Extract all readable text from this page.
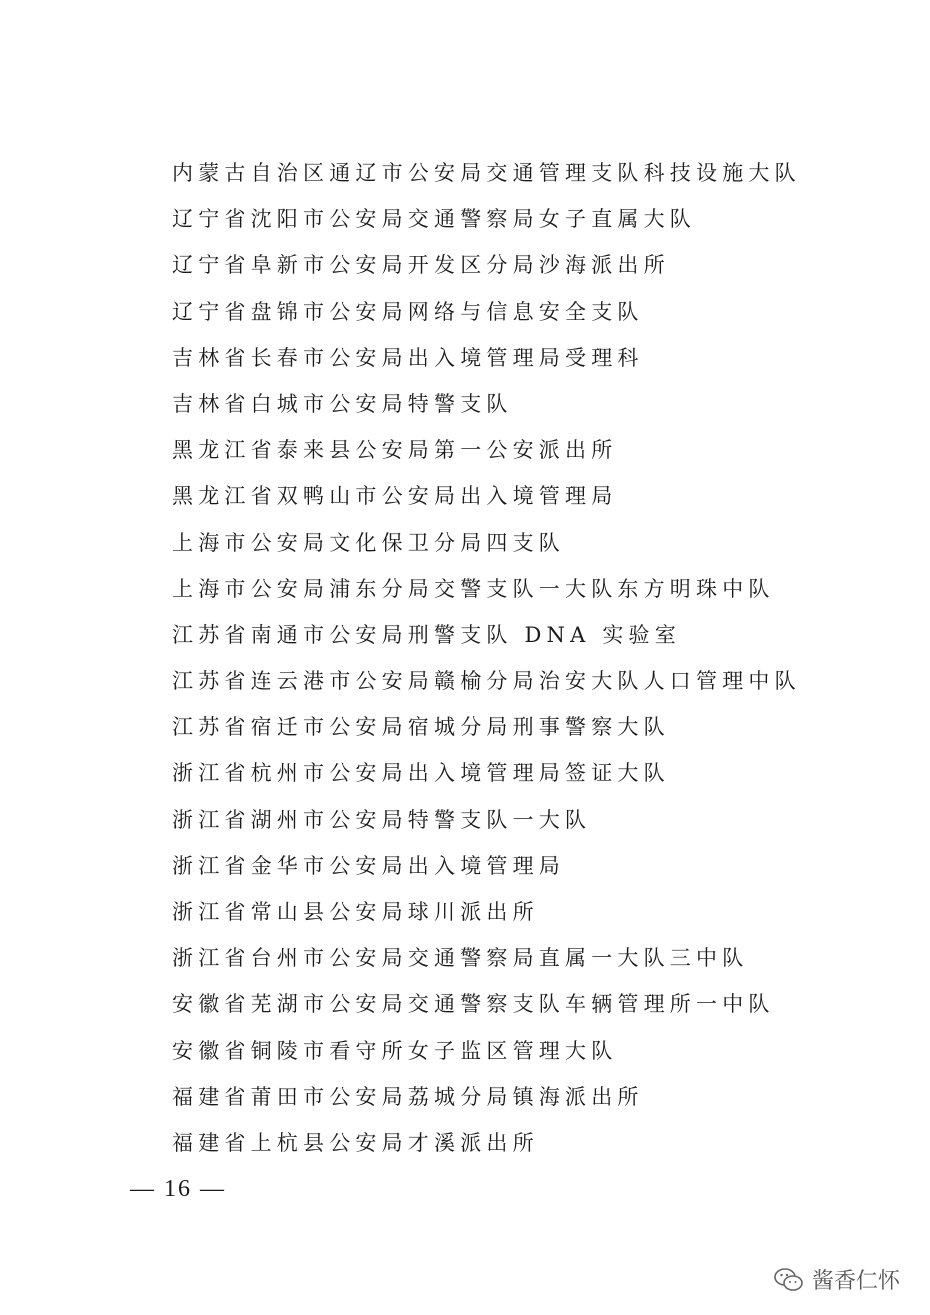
内蒙古自治区通辽市公安局交通管理支队科技设施大队
辽宁省沈阳市公安局交通警察局女子直属大队
辽宁省阜新市公安局开发区分局沙海派出所
辽宁省盘锦市公安局网络与信息安全支队
吉林省长春市公安局出入境管理局受理科
吉林省白城市公安局特警支队
黑龙江省泰来县公安局第一公安派出所
黑龙江省双鸭山市公安局出入境管理局
上海市公安局文化保卫分局四支队
上海市公安局浦东分局交警支队一大队东方明珠中队
江苏省南通市公安局刑警支队 DNA 实验室
江苏省连云港市公安局赣榆分局治安大队人口管理中队
江苏省宿迁市公安局宿城分局刑事警察大队
浙江省杭州市公安局出入境管理局签证大队
浙江省湖州市公安局特警支队一大队
浙江省金华市公安局出入境管理局
浙江省常山县公安局球川派出所
浙江省台州市公安局交通警察局直属一大队三中队
安徽省芜湖市公安局交通警察支队车辆管理所一中队
安徽省铜陵市看守所女子监区管理大队
福建省莆田市公安局荔城分局镇海派出所
福建省上杭县公安局才溪派出所
— 16 —
酱香仁怀
